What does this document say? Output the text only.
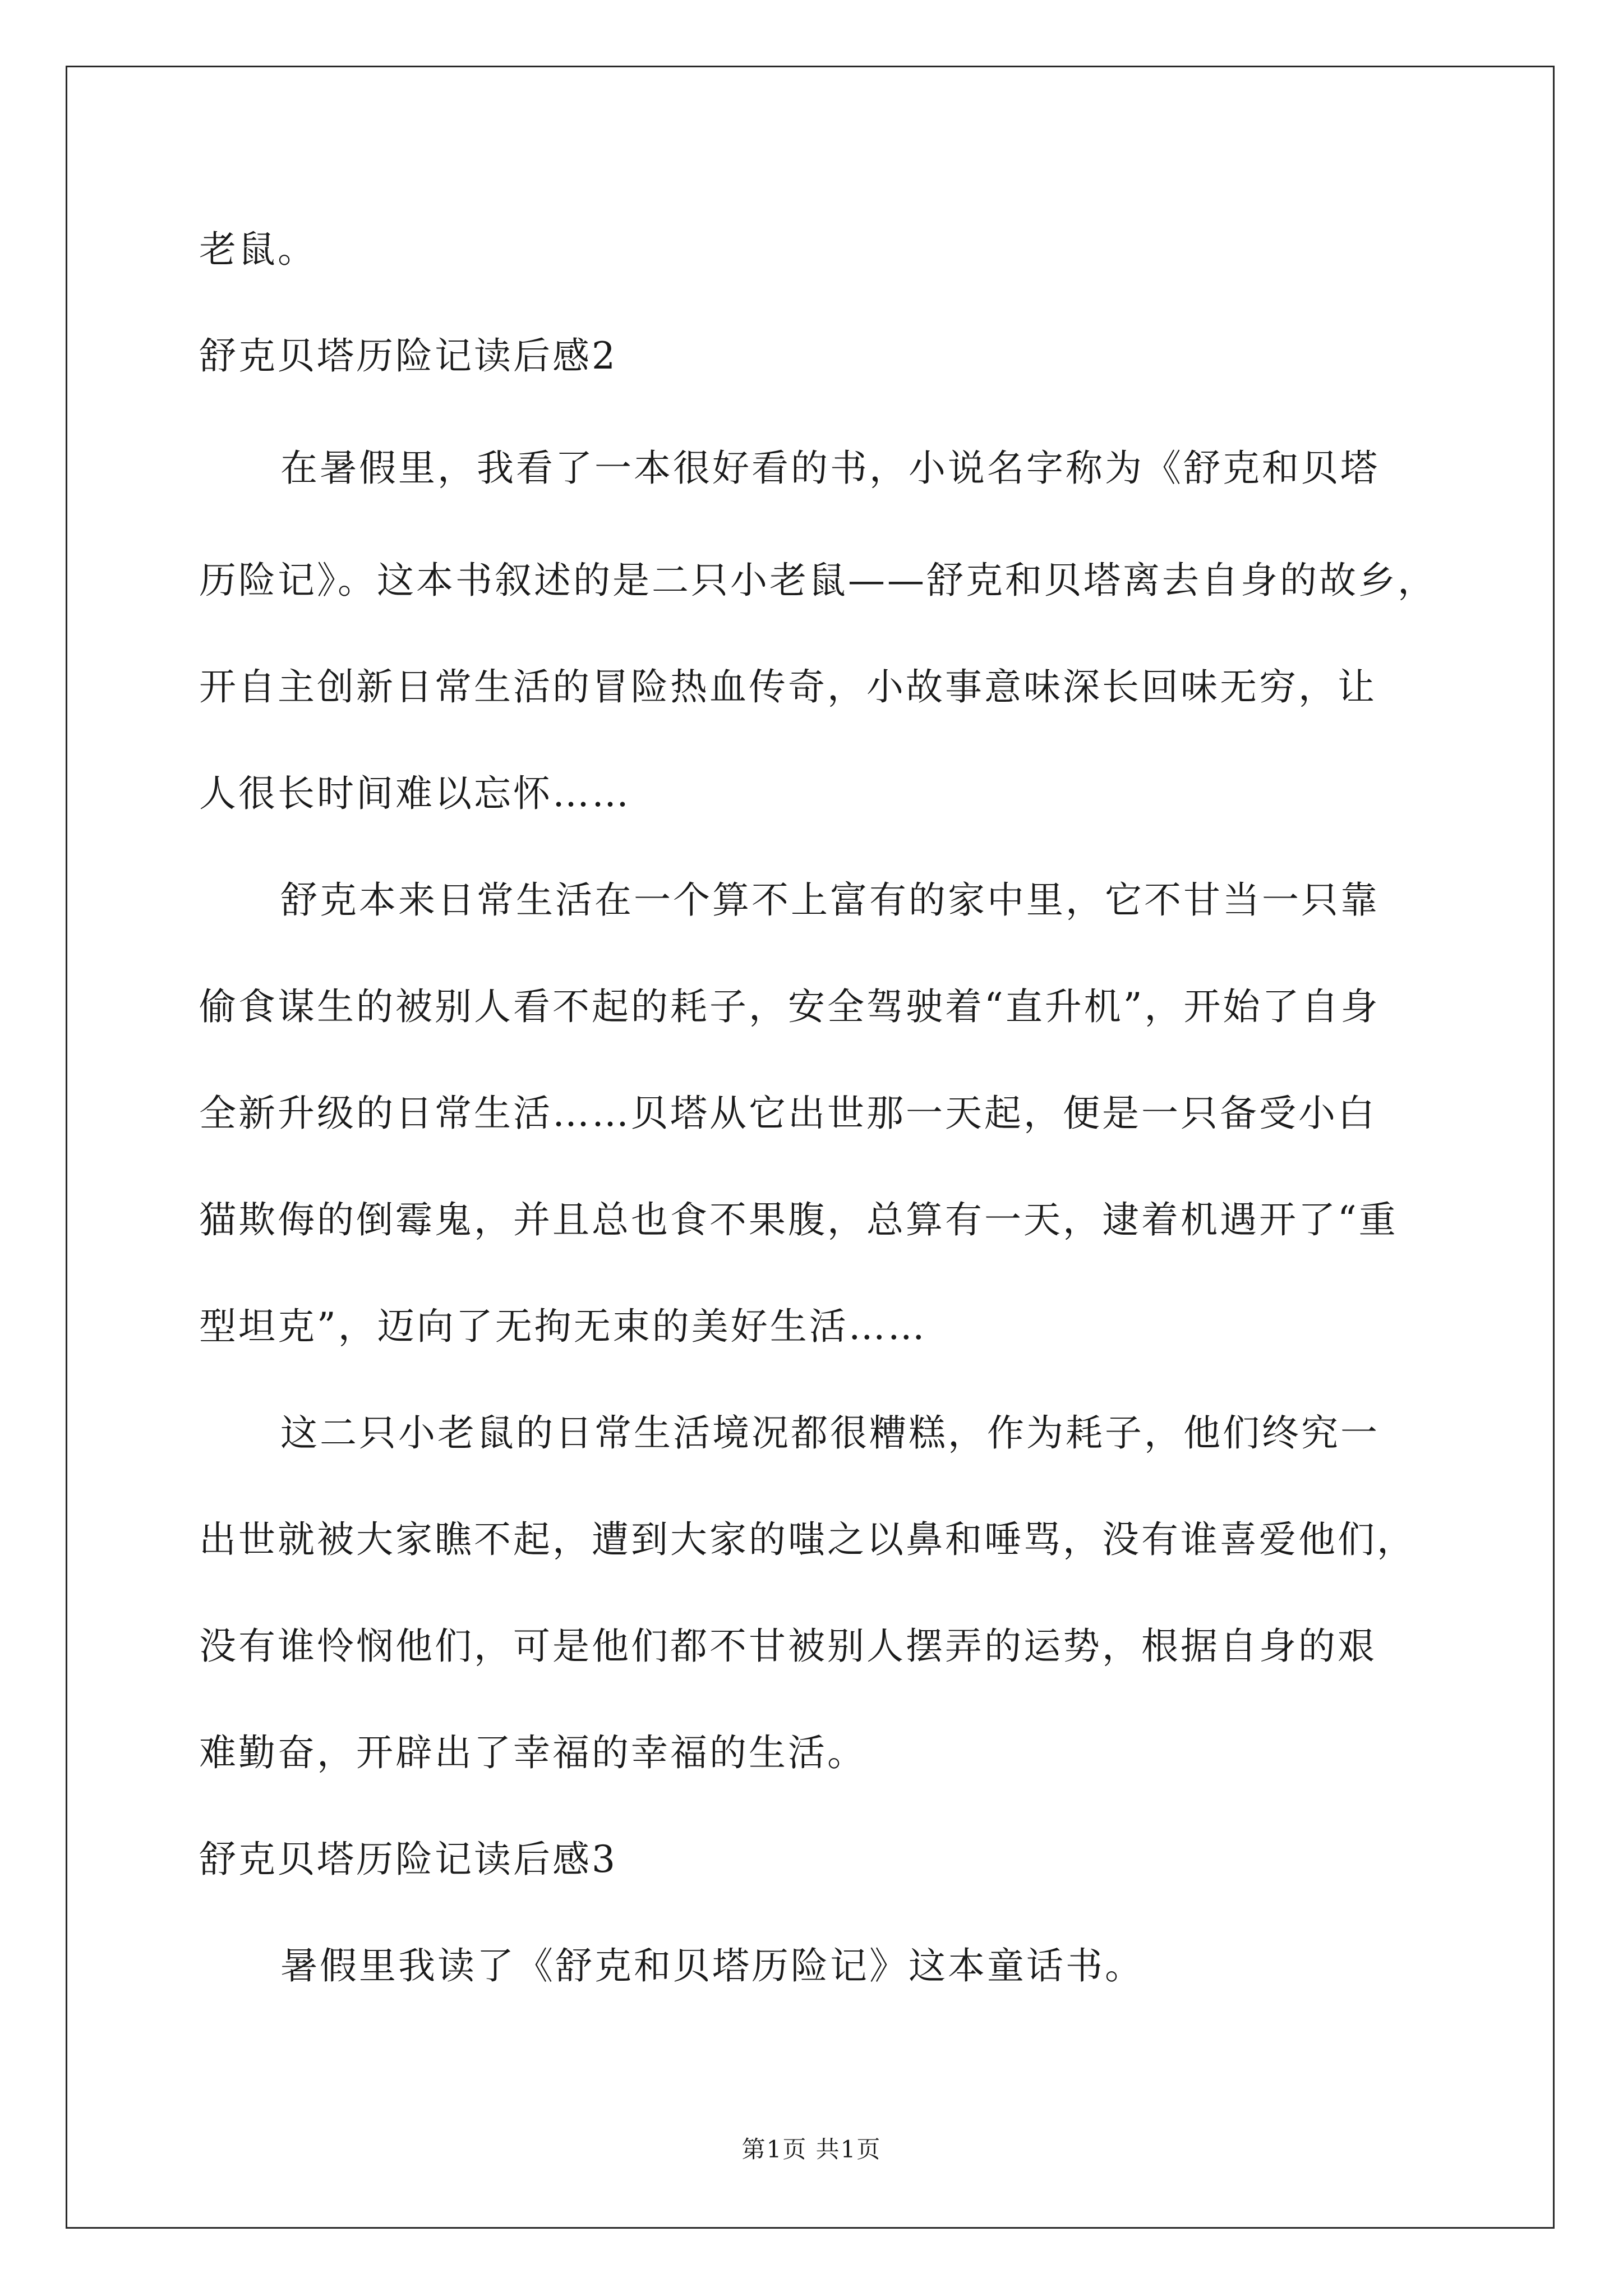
老鼠。
舒克贝塔历险记读后感2
在暑假里，我看了一本很好看的书，小说名字称为《舒克和贝塔
历险记》。这本书叙述的是二只小老鼠——舒克和贝塔离去自身的故乡，
开自主创新日常生活的冒险热血传奇，小故事意味深长回味无穷，让
人很长时间难以忘怀……
舒克本来日常生活在一个算不上富有的家中里，它不甘当一只靠
偷食谋生的被别人看不起的耗子，安全驾驶着“直升机”，开始了自身
全新升级的日常生活……贝塔从它出世那一天起，便是一只备受小白
猫欺侮的倒霉鬼，并且总也食不果腹，总算有一天，逮着机遇开了“重
型坦克”，迈向了无拘无束的美好生活……
这二只小老鼠的日常生活境况都很糟糕，作为耗子，他们终究一
出世就被大家瞧不起，遭到大家的嗤之以鼻和唾骂，没有谁喜爱他们，
没有谁怜悯他们，可是他们都不甘被别人摆弄的运势，根据自身的艰
难勤奋，开辟出了幸福的幸福的生活。
舒克贝塔历险记读后感3
暑假里我读了《舒克和贝塔历险记》这本童话书。
第1页 共1页
